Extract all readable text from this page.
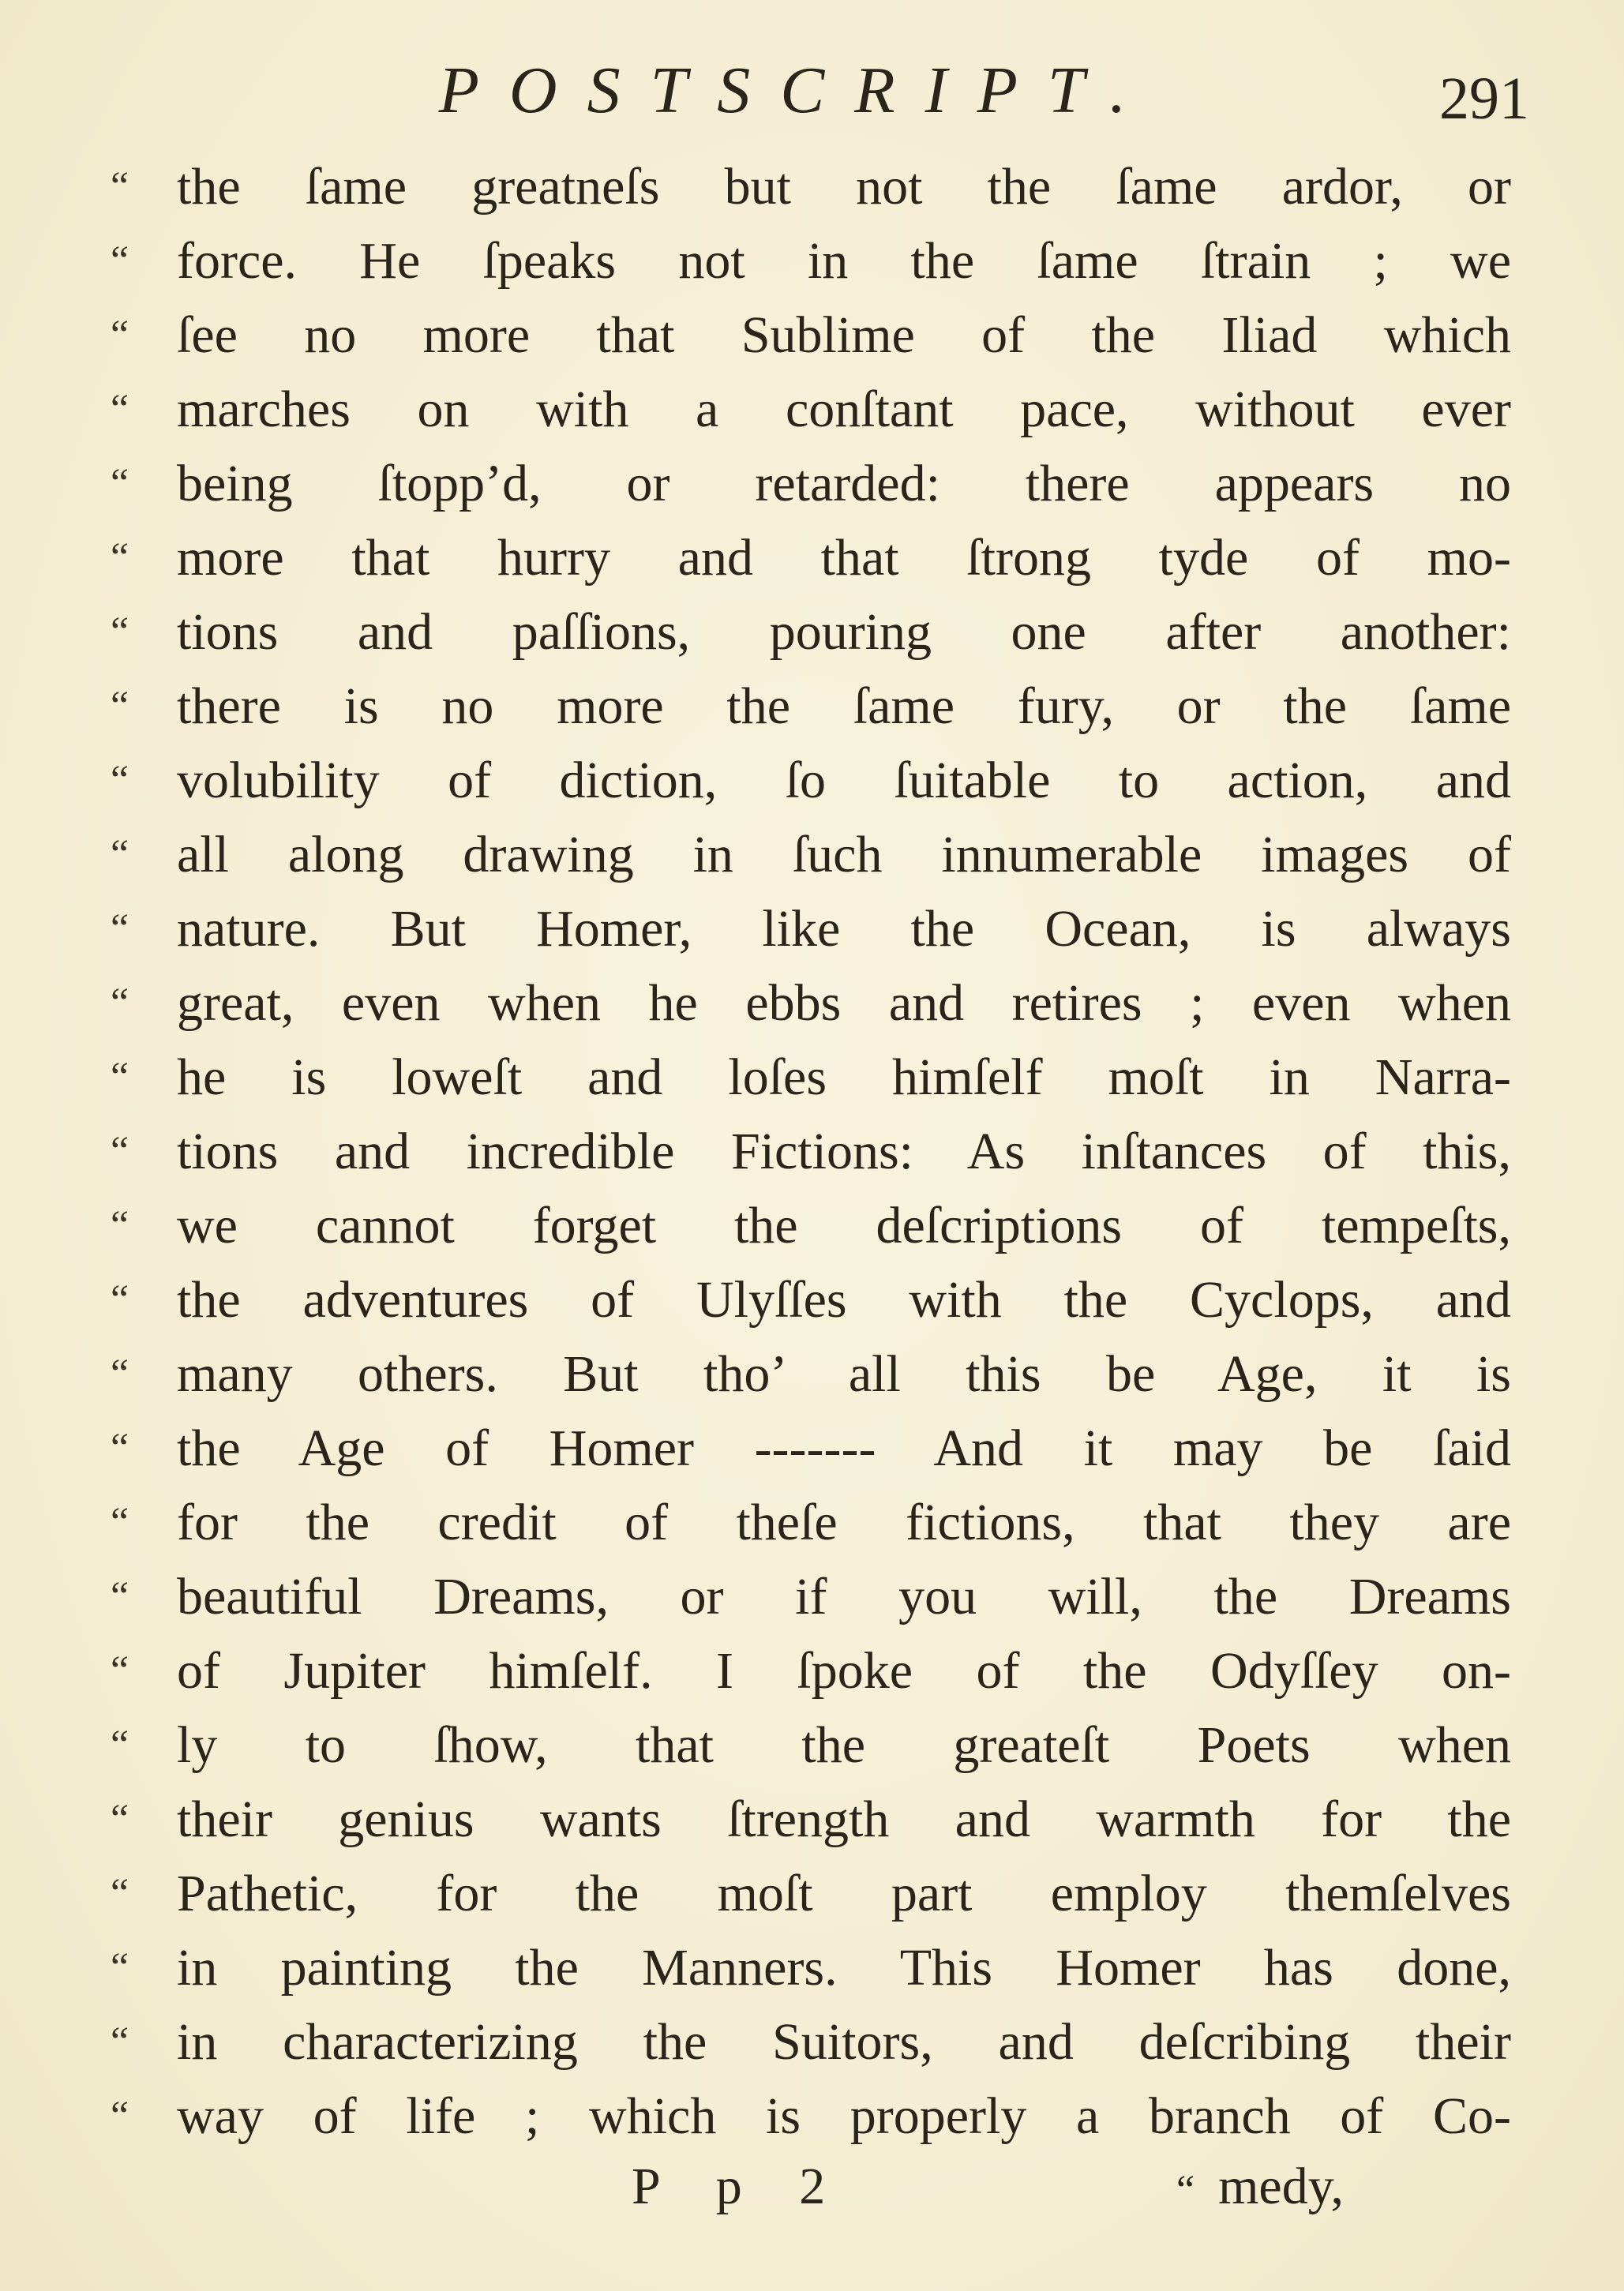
POSTSCRIPT.	291
“ the ſame greatneſs but not the ſame ardor, or
“ force. He ſpeaks not in the ſame ſtrain ; we
“ ſee no more that Sublime of the Iliad which
“ marches on with a conſtant pace, without ever
“ being ſtopp’d, or retarded: there appears no
“ more that hurry and that ſtrong tyde of mo-
“ tions and paſſions, pouring one after another:
“ there is no more the ſame fury, or the ſame
“ volubility of diction, ſo ſuitable to action, and
“ all along drawing in ſuch innumerable images of
“ nature. But Homer, like the Ocean, is always
“ great, even when he ebbs and retires ; even when
“ he is loweſt and loſes himſelf moſt in Narra-
“ tions and incredible Fictions: As inſtances of this,
“ we cannot forget the deſcriptions of tempeſts,
“ the adventures of Ulyſſes with the Cyclops, and
“ many others. But tho’ all this be Age, it is
“ the Age of Homer ------- And it may be ſaid
“ for the credit of theſe fictions, that they are
“ beautiful Dreams, or if you will, the Dreams
“ of Jupiter himſelf. I ſpoke of the Odyſſey on-
“ ly to ſhow, that the greateſt Poets when
“ their genius wants ſtrength and warmth for the
“ Pathetic, for the moſt part employ themſelves
“ in painting the Manners. This Homer has done,
“ in characterizing the Suitors, and deſcribing their
“ way of life ; which is properly a branch of Co-
P p 2	“ medy,
